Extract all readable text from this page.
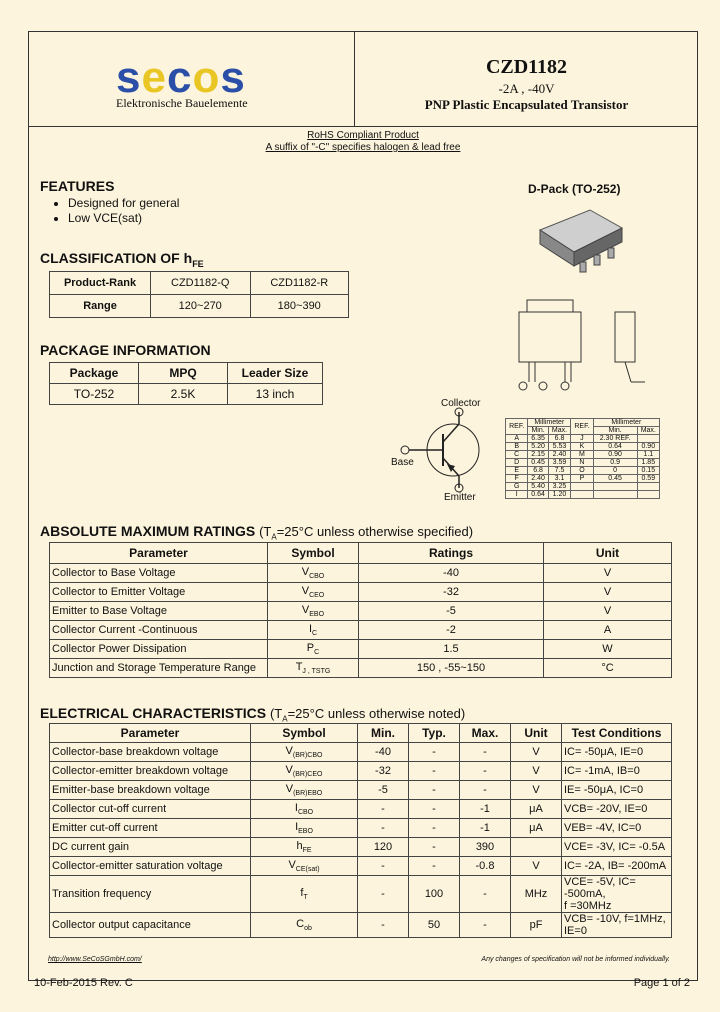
secos
Elektronische Bauelemente
CZD1182
-2A , -40V
PNP Plastic Encapsulated Transistor
RoHS Compliant Product
A suffix of "-C" specifies halogen & lead free
FEATURES
• Designed for general
• Low VCE(sat)
CLASSIFICATION OF $h_{FE}$
Product-Rank	CZD1182-Q	CZD1182-R
Range	120~270	180~390
PACKAGE INFORMATION
Package	MPQ	Leader Size
TO-252	2.5K	13 inch
D-Pack (TO-252)
Collector
Base
Emitter
REF.	Millimeter		REF.	Millimeter	
	Min.	Max.		Min.	Max.
A	6.35	6.8	J	2.30 REF.	
B	5.20	5.53	K	0.64	0.90
C	2.15	2.40	M	0.90	1.1
D	0.45	3.59	N	0.9	1.85
E	6.8	7.5	O	0	0.15
F	2.40	3.1	P	0.45	0.59
G	5.40	3.25			
I	0.64	1.20			
ABSOLUTE MAXIMUM RATINGS ($T_A=25^\circ C$ unless otherwise specified)
Parameter	Symbol	Ratings	Unit
Collector to Base Voltage	$V_{CBO}$	-40	V
Collector to Emitter Voltage	$V_{CEO}$	-32	V
Emitter to Base Voltage	$V_{EBO}$	-5	V
Collector Current -Continuous	$I_C$	-2	A
Collector Power Dissipation	$P_C$	1.5	W
Junction and Storage Temperature Range	$T_{J , TSTG}$	150 , -55~150	°C
ELECTRICAL CHARACTERISTICS ($T_A=25^\circ C$ unless otherwise noted)
Parameter	Symbol	Min.	Typ.	Max.	Unit	Test Conditions
Collector-base breakdown voltage	$V_{(BR)CBO}$	-40	-	-	V	IC= -50μA, IE=0
Collector-emitter breakdown voltage	$V_{(BR)CEO}$	-32	-	-	V	IC= -1mA, IB=0
Emitter-base breakdown voltage	$V_{(BR)EBO}$	-5	-	-	V	IE= -50μA, IC=0
Collector cut-off current	$I_{CBO}$	-	-	-1	μA	VCB= -20V, IE=0
Emitter cut-off current	$I_{EBO}$	-	-	-1	μA	VEB= -4V, IC=0
DC current gain	$h_{FE}$	120	-	390		VCE= -3V, IC= -0.5A
Collector-emitter saturation voltage	$V_{CE(sat)}$	-	-	-0.8	V	IC= -2A, IB= -200mA
Transition frequency	$f_T$	-	100	-	MHz	VCE= -5V, IC= -500mA,
f =30MHz
Collector output capacitance	$C_{ob}$	-	50	-	pF	VCB= -10V, f=1MHz, IE=0
http://www.SeCoSGmbH.com/	Any changes of specification will not be informed individually.
10-Feb-2015 Rev. C	Page 1 of 2
